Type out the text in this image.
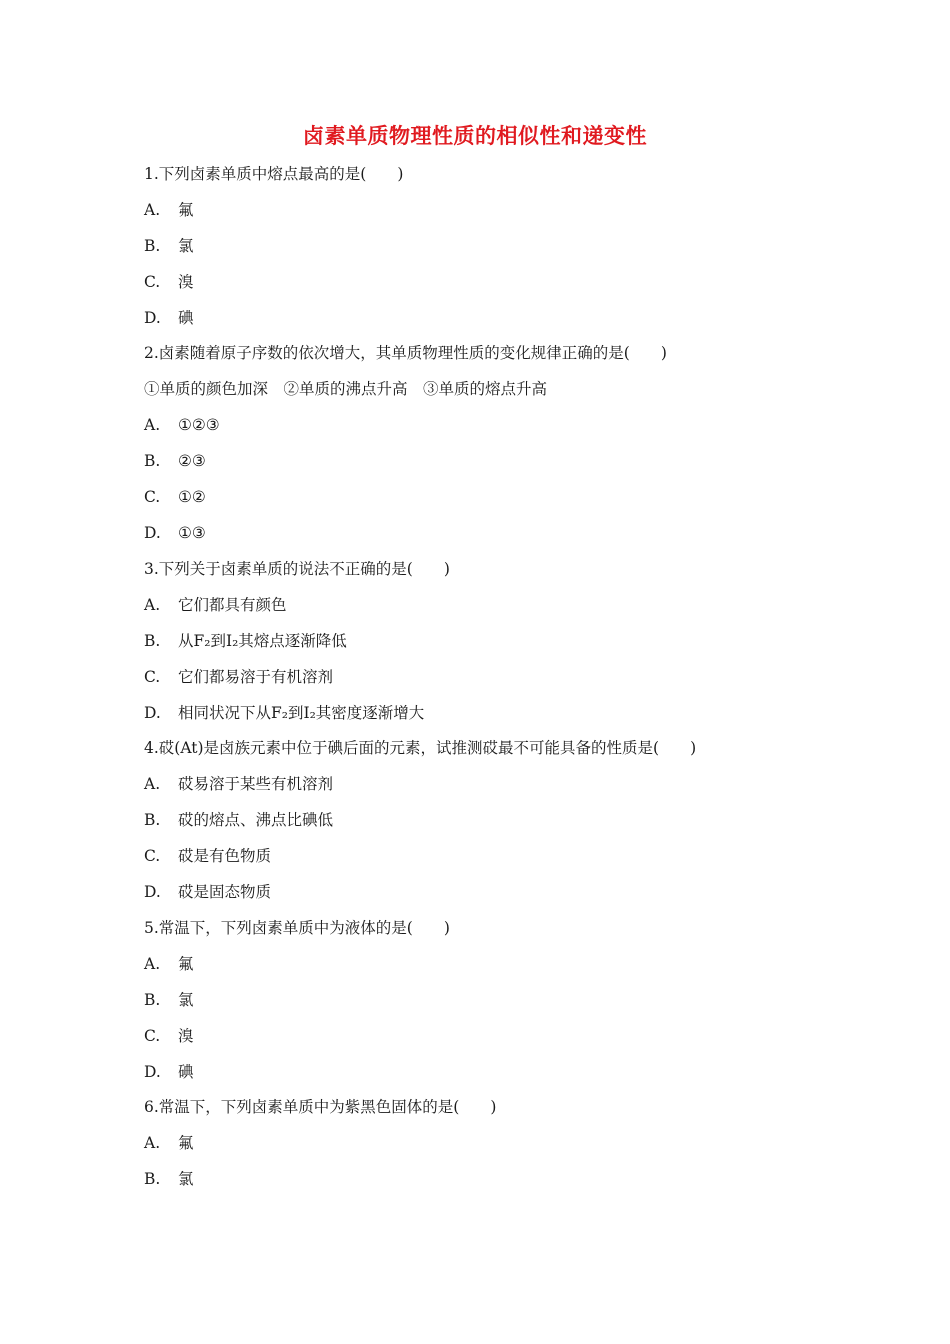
卤素单质物理性质的相似性和递变性
1.下列卤素单质中熔点最高的是(　　)
A. 氟
B. 氯
C. 溴
D. 碘
2.卤素随着原子序数的依次增大，其单质物理性质的变化规律正确的是(　　)
①单质的颜色加深　②单质的沸点升高　③单质的熔点升高
A. ①②③
B. ②③
C. ①②
D. ①③
3.下列关于卤素单质的说法不正确的是(　　)
A. 它们都具有颜色
B. 从F₂到I₂其熔点逐渐降低
C. 它们都易溶于有机溶剂
D. 相同状况下从F₂到I₂其密度逐渐增大
4.砹(At)是卤族元素中位于碘后面的元素，试推测砹最不可能具备的性质是(　　)
A. 砹易溶于某些有机溶剂
B. 砹的熔点、沸点比碘低
C. 砹是有色物质
D. 砹是固态物质
5.常温下，下列卤素单质中为液体的是(　　)
A. 氟
B. 氯
C. 溴
D. 碘
6.常温下，下列卤素单质中为紫黑色固体的是(　　)
A. 氟
B. 氯
